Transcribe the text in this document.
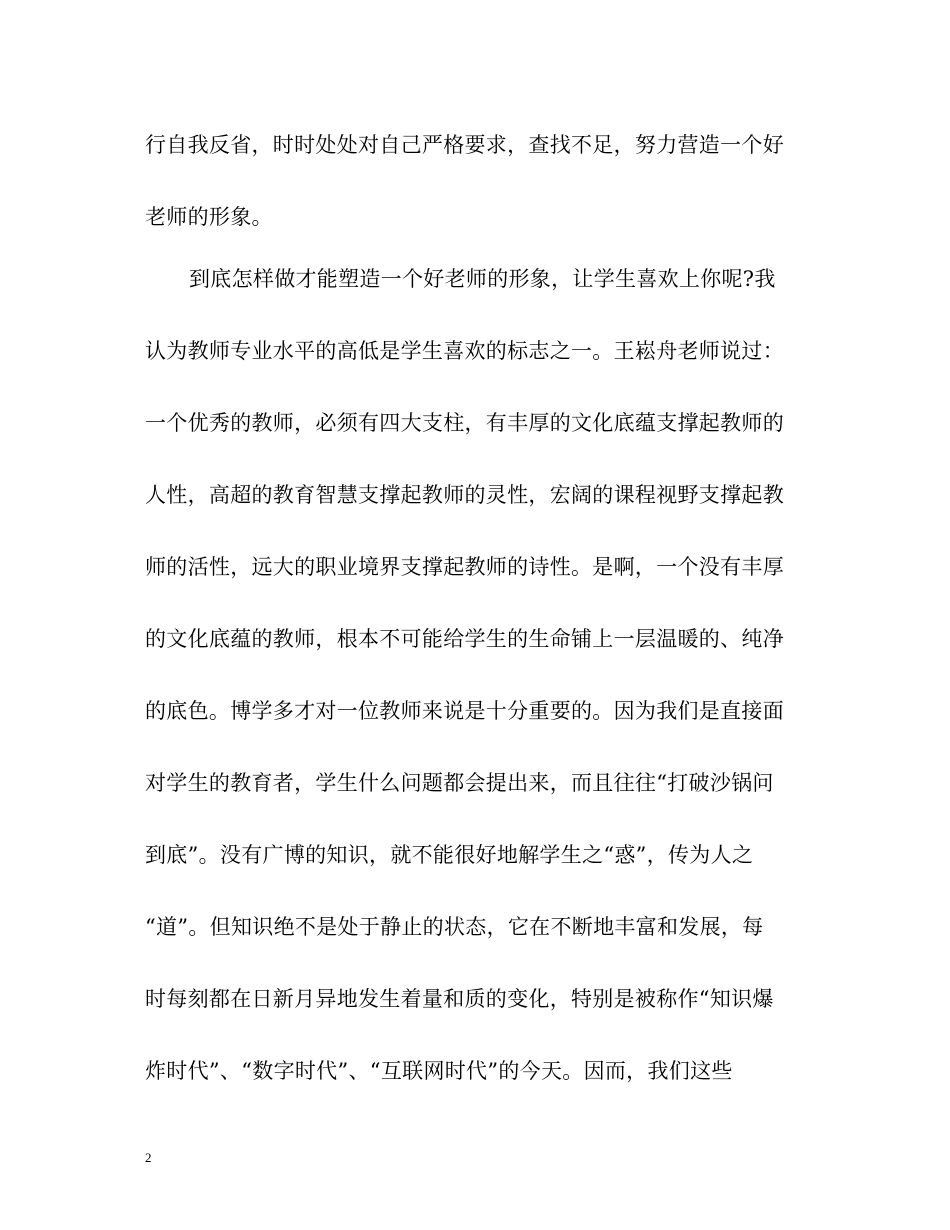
行自我反省，时时处处对自己严格要求，查找不足，努力营造一个好
老师的形象。
到底怎样做才能塑造一个好老师的形象，让学生喜欢上你呢?我
认为教师专业水平的高低是学生喜欢的标志之一。王崧舟老师说过：
一个优秀的教师，必须有四大支柱，有丰厚的文化底蕴支撑起教师的
人性，高超的教育智慧支撑起教师的灵性，宏阔的课程视野支撑起教
师的活性，远大的职业境界支撑起教师的诗性。是啊，一个没有丰厚
的文化底蕴的教师，根本不可能给学生的生命铺上一层温暖的、纯净
的底色。博学多才对一位教师来说是十分重要的。因为我们是直接面
对学生的教育者，学生什么问题都会提出来，而且往往“打破沙锅问
到底”。没有广博的知识，就不能很好地解学生之“惑”，传为人之
“道”。但知识绝不是处于静止的状态，它在不断地丰富和发展，每
时每刻都在日新月异地发生着量和质的变化，特别是被称作“知识爆
炸时代”、“数字时代”、“互联网时代”的今天。因而，我们这些
2
